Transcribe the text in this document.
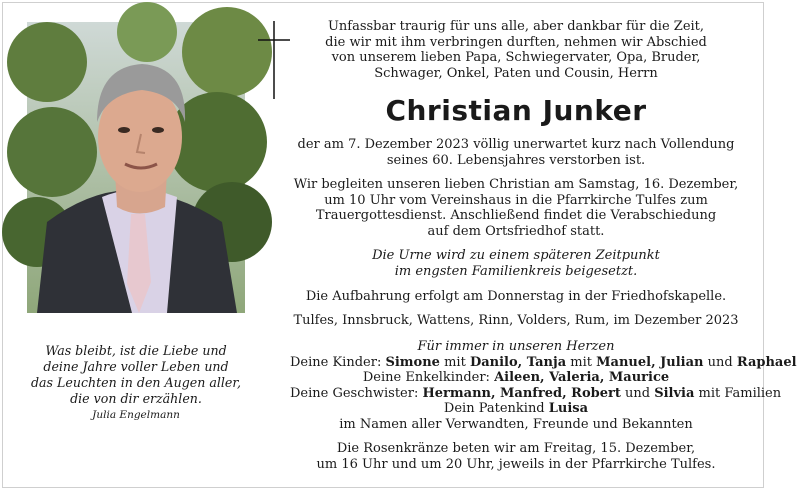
Unfassbar traurig für uns alle, aber dankbar für die Zeit,
die wir mit ihm verbringen durften, nehmen wir Abschied
von unserem lieben Papa, Schwiegervater, Opa, Bruder,
Schwager, Onkel, Paten und Cousin, Herrn
Christian Junker
der am 7. Dezember 2023 völlig unerwartet kurz nach Vollendung
seines 60. Lebensjahres verstorben ist.
Wir begleiten unseren lieben Christian am Samstag, 16. Dezember,
um 10 Uhr vom Vereinshaus in die Pfarrkirche Tulfes zum
Trauergottesdienst. Anschließend findet die Verabschiedung
auf dem Ortsfriedhof statt.
Die Urne wird zu einem späteren Zeitpunkt
im engsten Familienkreis beigesetzt.
Die Aufbahrung erfolgt am Donnerstag in der Friedhofskapelle.
Tulfes, Innsbruck, Wattens, Rinn, Volders, Rum, im Dezember 2023
Für immer in unseren Herzen
Deine Kinder: Simone mit Danilo, Tanja mit Manuel, Julian und Raphael
Deine Enkelkinder: Aileen, Valeria, Maurice
Deine Geschwister: Hermann, Manfred, Robert und Silvia mit Familien
Dein Patenkind Luisa
im Namen aller Verwandten, Freunde und Bekannten
Die Rosenkränze beten wir am Freitag, 15. Dezember,
um 16 Uhr und um 20 Uhr, jeweils in der Pfarrkirche Tulfes.
Was bleibt, ist die Liebe und
deine Jahre voller Leben und
das Leuchten in den Augen aller,
die von dir erzählen.
Julia Engelmann
